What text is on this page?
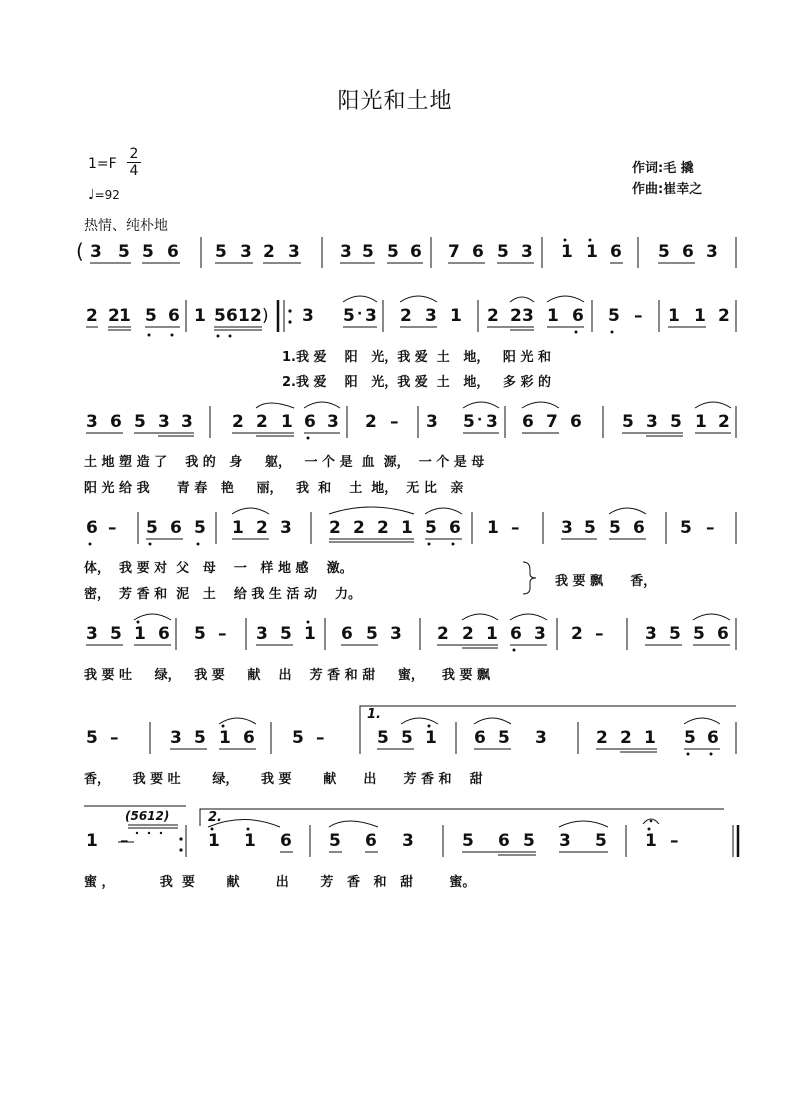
阳光和土地
$1=F \frac{2}{4}$
♩=92
热情、纯朴地
作词:毛 撬
作曲:崔幸之
( 3 5 5 6 5 3 2 3 3 5 5 6 7 6 5 3 1 1 6 5 6 3
2 2 1 5 6 1 5 6 1 2 ) 3 5 · 3 2 3 1 2 2 3 1 6 5 – 1 1 2
1.我 爱    阳   光，我 爱  土   地，   阳 光 和
2.我 爱    阳   光，我 爱  土   地，   多 彩 的
3 6 5 3 3 2 2 1 6 3 2 – 3 5 · 3 6 7 6 5 3 5 1 2
土 地 塑 造 了    我 的   身     躯，   一 个 是  血  源，  一 个 是 母
阳 光 给 我      青 春   艳     丽，   我  和    土  地，  无 比   亲
6 – 5 6 5 1 2 3 2 2 2 1 5 6 1 – 3 5 5 6 5 –
体，  我 要 对  父   母    一   样 地 感    激。
密，  芳 香 和  泥   土    给 我 生 活 动    力。
我 要 飘      香，
3 5 1 6 5 – 3 5 1 6 5 3 2 2 1 6 3 2 – 3 5 5 6
我 要 吐     绿，   我 要     献    出    芳 香 和 甜     蜜，    我 要 飘
5 –	3 5 1 6 5 –	5 5 1 6 5 3	2 2 1 5 6
香，     我 要 吐       绿，     我 要       献      出      芳 香 和    甜
1.
1 –	1 1 6 5 6 3	5 6 5 3 5 1 –
蜜 ，          我  要       献        出       芳   香   和   甜        蜜。
2.
(5612)
